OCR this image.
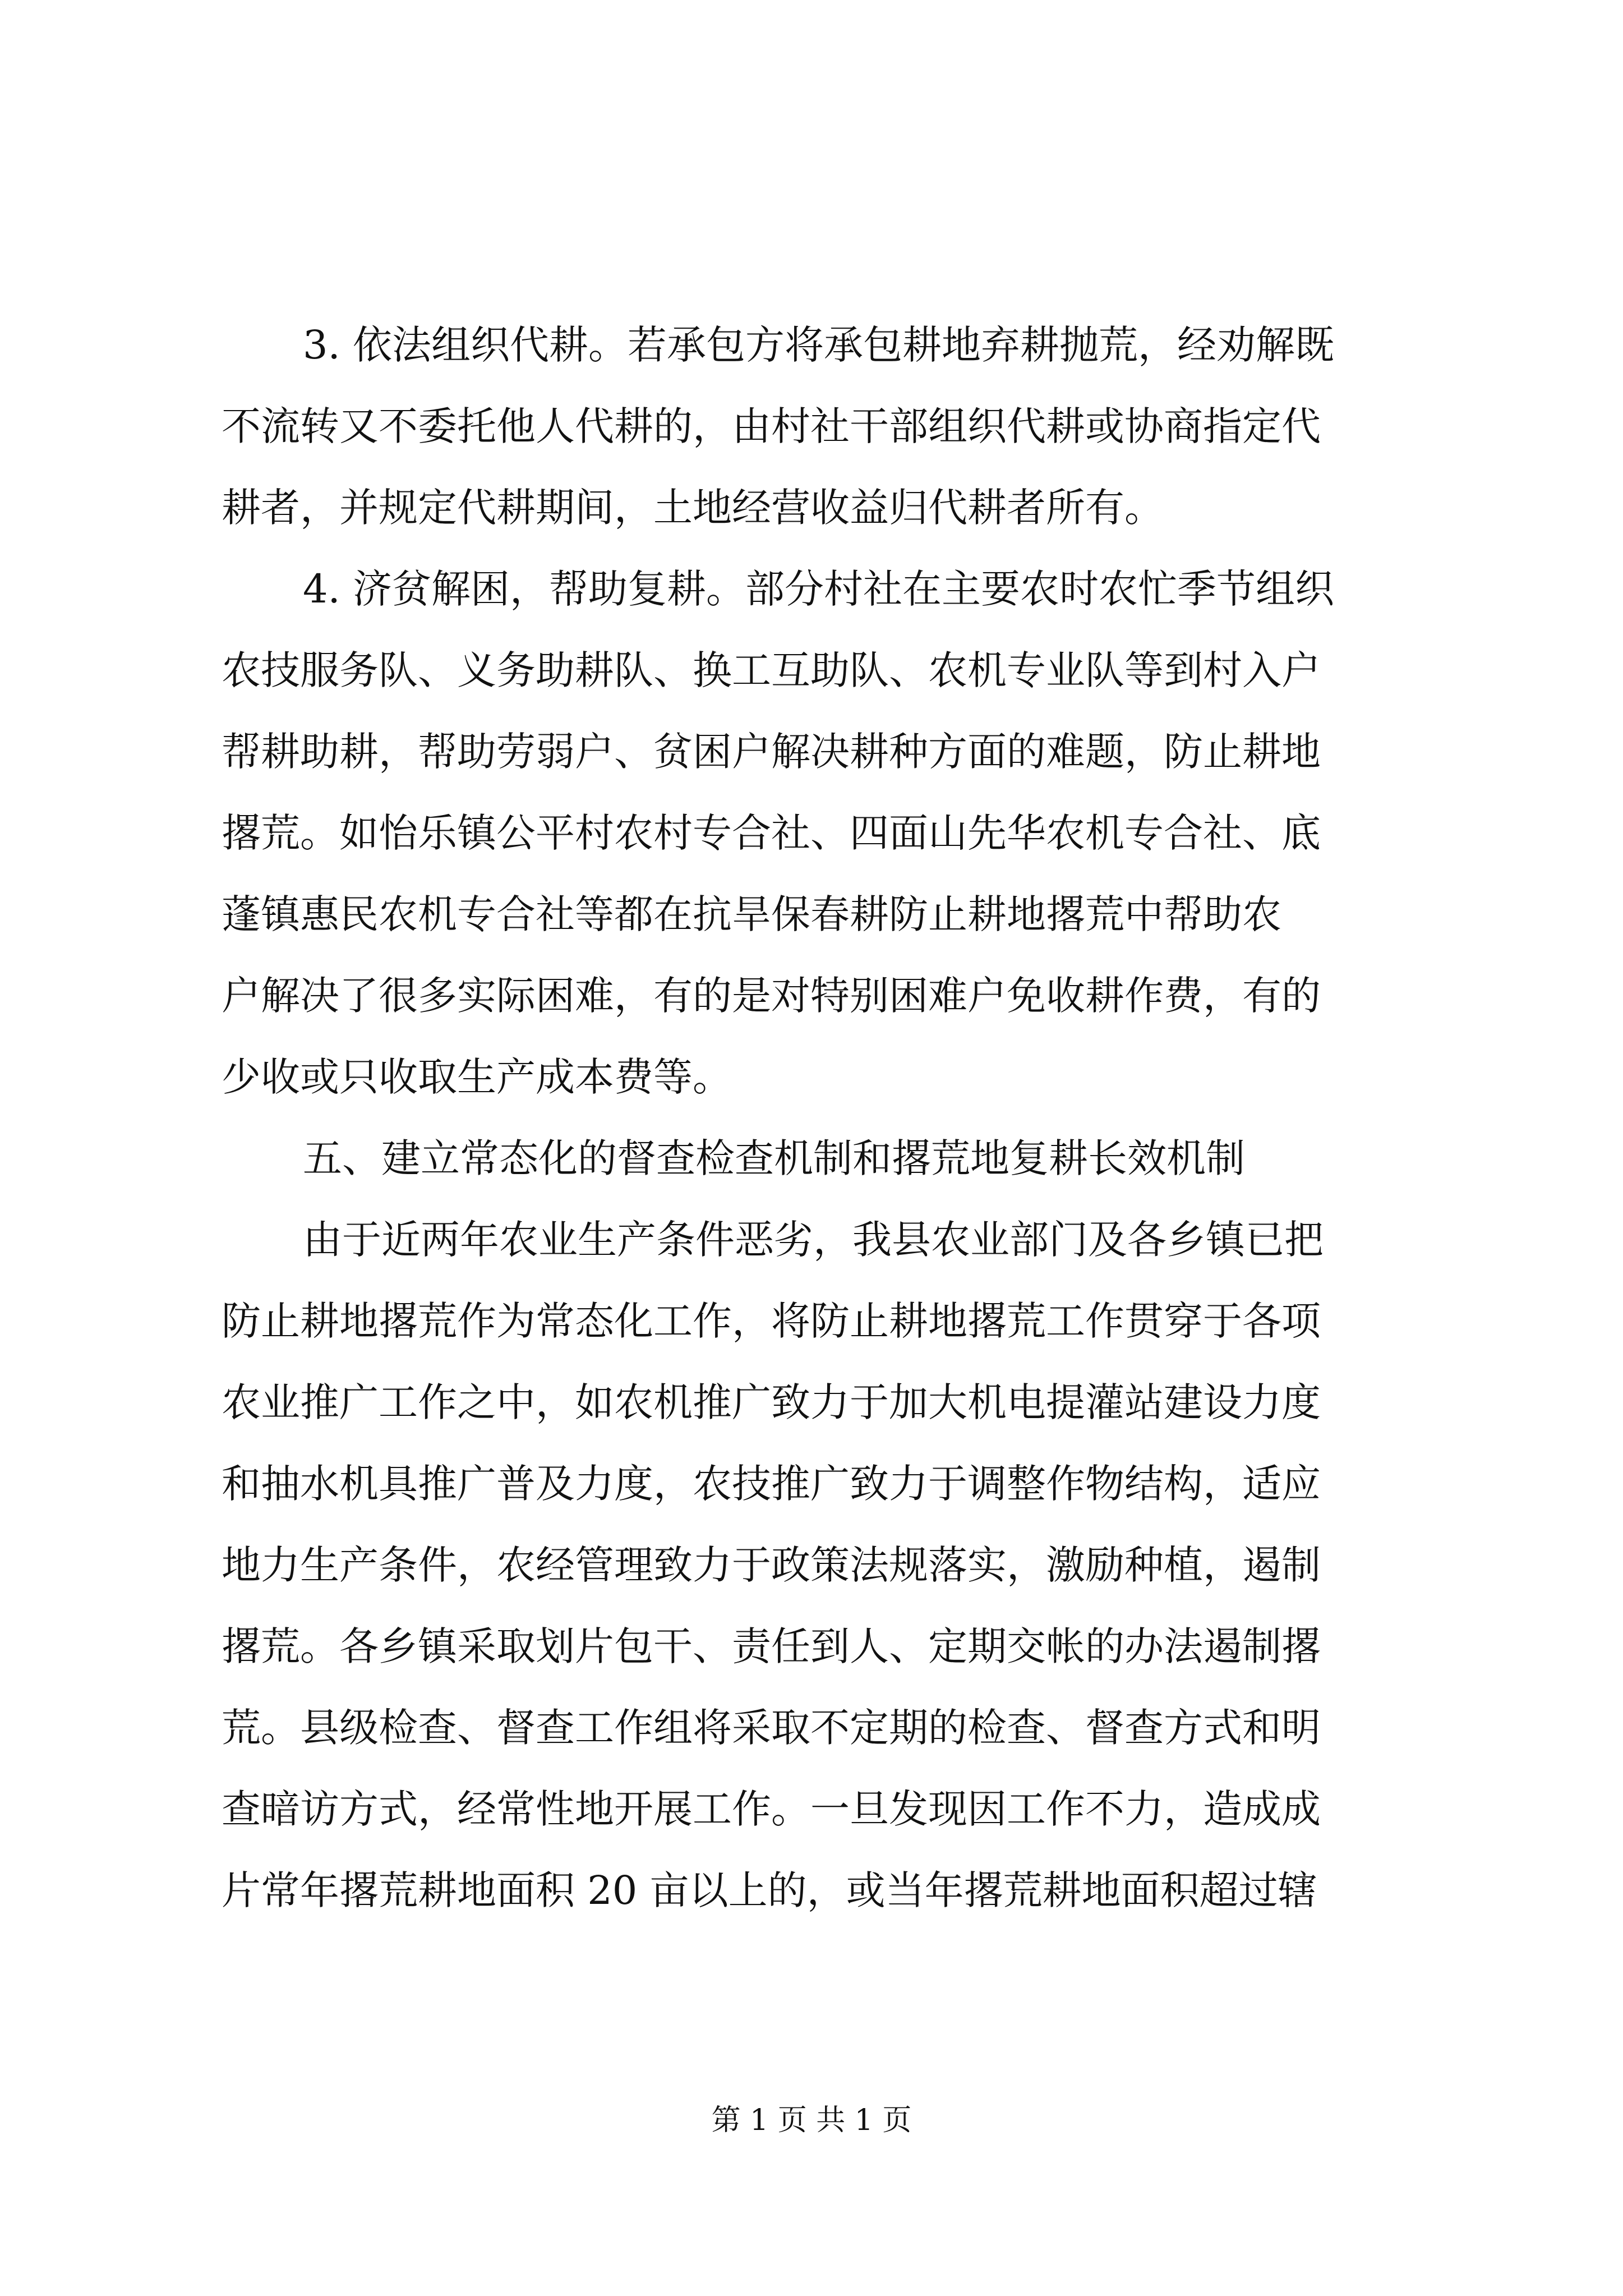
3. 依法组织代耕。若承包方将承包耕地弃耕抛荒，经劝解既
不流转又不委托他人代耕的，由村社干部组织代耕或协商指定代
耕者，并规定代耕期间，土地经营收益归代耕者所有。
4. 济贫解困，帮助复耕。部分村社在主要农时农忙季节组织
农技服务队、义务助耕队、换工互助队、农机专业队等到村入户
帮耕助耕，帮助劳弱户、贫困户解决耕种方面的难题，防止耕地
撂荒。如怡乐镇公平村农村专合社、四面山先华农机专合社、底
蓬镇惠民农机专合社等都在抗旱保春耕防止耕地撂荒中帮助农
户解决了很多实际困难，有的是对特别困难户免收耕作费，有的
少收或只收取生产成本费等。
五、建立常态化的督查检查机制和撂荒地复耕长效机制
由于近两年农业生产条件恶劣，我县农业部门及各乡镇已把
防止耕地撂荒作为常态化工作，将防止耕地撂荒工作贯穿于各项
农业推广工作之中，如农机推广致力于加大机电提灌站建设力度
和抽水机具推广普及力度，农技推广致力于调整作物结构，适应
地力生产条件，农经管理致力于政策法规落实，激励种植，遏制
撂荒。各乡镇采取划片包干、责任到人、定期交帐的办法遏制撂
荒。县级检查、督查工作组将采取不定期的检查、督查方式和明
查暗访方式，经常性地开展工作。一旦发现因工作不力，造成成
片常年撂荒耕地面积 20 亩以上的，或当年撂荒耕地面积超过辖
第 1 页 共 1 页
